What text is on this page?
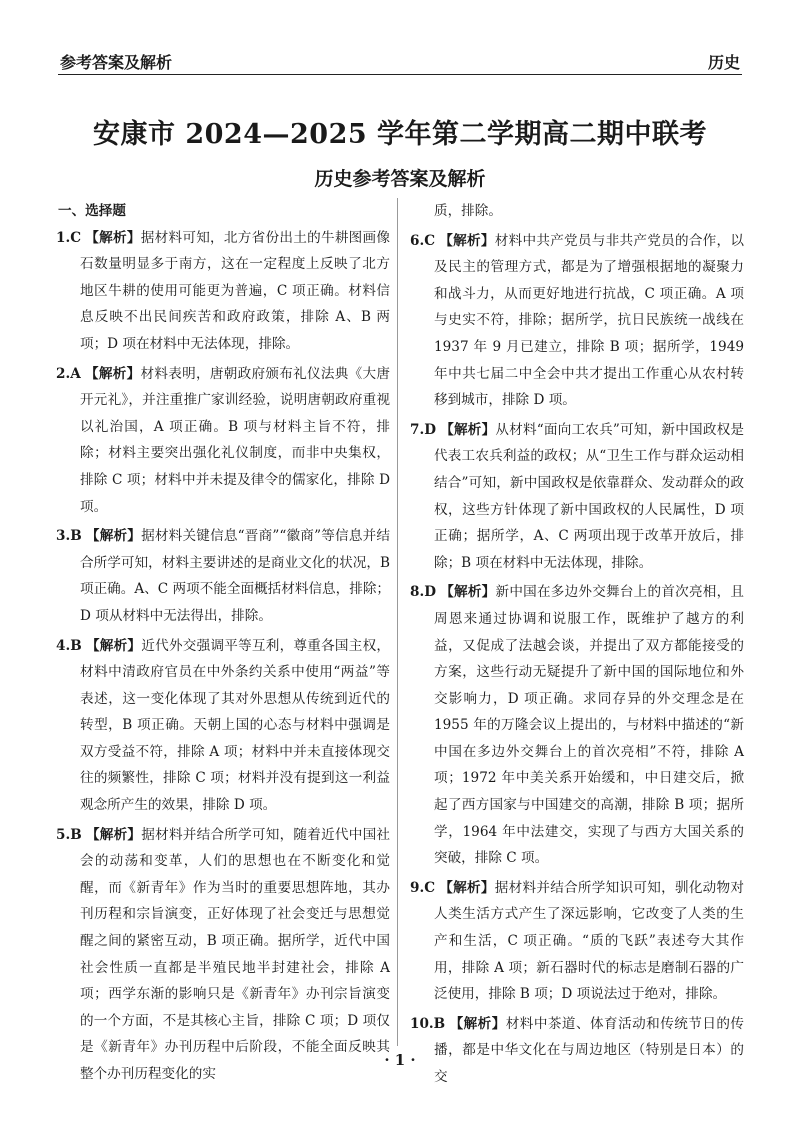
参考答案及解析	历史
安康市 2024—2025 学年第二学期高二期中联考
历史参考答案及解析
一、选择题
1.C 【解析】据材料可知，北方省份出土的牛耕图画像石数量明显多于南方，这在一定程度上反映了北方地区牛耕的使用可能更为普遍，C 项正确。材料信息反映不出民间疾苦和政府政策，排除 A、B 两项；D 项在材料中无法体现，排除。
2.A 【解析】材料表明，唐朝政府颁布礼仪法典《大唐开元礼》，并注重推广家训经验，说明唐朝政府重视以礼治国，A 项正确。B 项与材料主旨不符，排除；材料主要突出强化礼仪制度，而非中央集权，排除 C 项；材料中并未提及律令的儒家化，排除 D 项。
3.B 【解析】据材料关键信息“晋商”“徽商”等信息并结合所学可知，材料主要讲述的是商业文化的状况，B 项正确。A、C 两项不能全面概括材料信息，排除；D 项从材料中无法得出，排除。
4.B 【解析】近代外交强调平等互利，尊重各国主权，材料中清政府官员在中外条约关系中使用“两益”等表述，这一变化体现了其对外思想从传统到近代的转型，B 项正确。天朝上国的心态与材料中强调是双方受益不符，排除 A 项；材料中并未直接体现交往的频繁性，排除 C 项；材料并没有提到这一利益观念所产生的效果，排除 D 项。
5.B 【解析】据材料并结合所学可知，随着近代中国社会的动荡和变革，人们的思想也在不断变化和觉醒，而《新青年》作为当时的重要思想阵地，其办刊历程和宗旨演变，正好体现了社会变迁与思想觉醒之间的紧密互动，B 项正确。据所学，近代中国社会性质一直都是半殖民地半封建社会，排除 A 项；西学东渐的影响只是《新青年》办刊宗旨演变的一个方面，不是其核心主旨，排除 C 项；D 项仅是《新青年》办刊历程中后阶段，不能全面反映其整个办刊历程变化的实
质，排除。
6.C 【解析】材料中共产党员与非共产党员的合作，以及民主的管理方式，都是为了增强根据地的凝聚力和战斗力，从而更好地进行抗战，C 项正确。A 项与史实不符，排除；据所学，抗日民族统一战线在 1937 年 9 月已建立，排除 B 项；据所学，1949 年中共七届二中全会中共才提出工作重心从农村转移到城市，排除 D 项。
7.D 【解析】从材料“面向工农兵”可知，新中国政权是代表工农兵利益的政权；从“卫生工作与群众运动相结合”可知，新中国政权是依靠群众、发动群众的政权，这些方针体现了新中国政权的人民属性，D 项正确；据所学，A、C 两项出现于改革开放后，排除；B 项在材料中无法体现，排除。
8.D 【解析】新中国在多边外交舞台上的首次亮相，且周恩来通过协调和说服工作，既维护了越方的利益，又促成了法越会谈，并提出了双方都能接受的方案，这些行动无疑提升了新中国的国际地位和外交影响力，D 项正确。求同存异的外交理念是在 1955 年的万隆会议上提出的，与材料中描述的“新中国在多边外交舞台上的首次亮相”不符，排除 A 项；1972 年中美关系开始缓和，中日建交后，掀起了西方国家与中国建交的高潮，排除 B 项；据所学，1964 年中法建交，实现了与西方大国关系的突破，排除 C 项。
9.C 【解析】据材料并结合所学知识可知，驯化动物对人类生活方式产生了深远影响，它改变了人类的生产和生活，C 项正确。“质的飞跃”表述夸大其作用，排除 A 项；新石器时代的标志是磨制石器的广泛使用，排除 B 项；D 项说法过于绝对，排除。
10.B 【解析】材料中茶道、体育活动和传统节日的传播，都是中华文化在与周边地区（特别是日本）的交
· 1 ·
